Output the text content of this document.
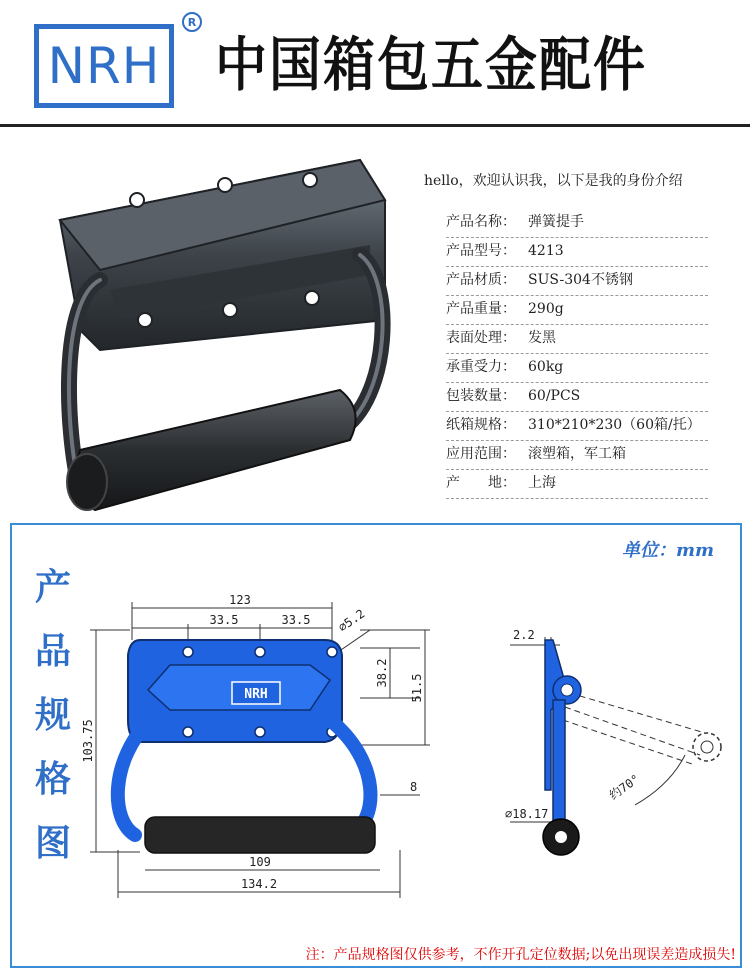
NRH
R
中国箱包五金配件
hello，欢迎认识我，以下是我的身份介绍
产品名称： 弹簧提手
产品型号： 4213
产品材质： SUS-304不锈钢
产品重量： 290g
表面处理： 发黑
承重受力： 60kg
包装数量： 60/PCS
纸箱规格： 310*210*230（60箱/托）
应用范围： 滚塑箱，军工箱
产　　地： 上海
单位：mm
产
品
规
格
图
NRH
123
33.5	33.5 ⌀5.2
38.2
51.5
103.75
8
109
134.2
2.2
⌀18.17
约70°
注：产品规格图仅供参考，不作开孔定位数据;以免出现误差造成损失!
